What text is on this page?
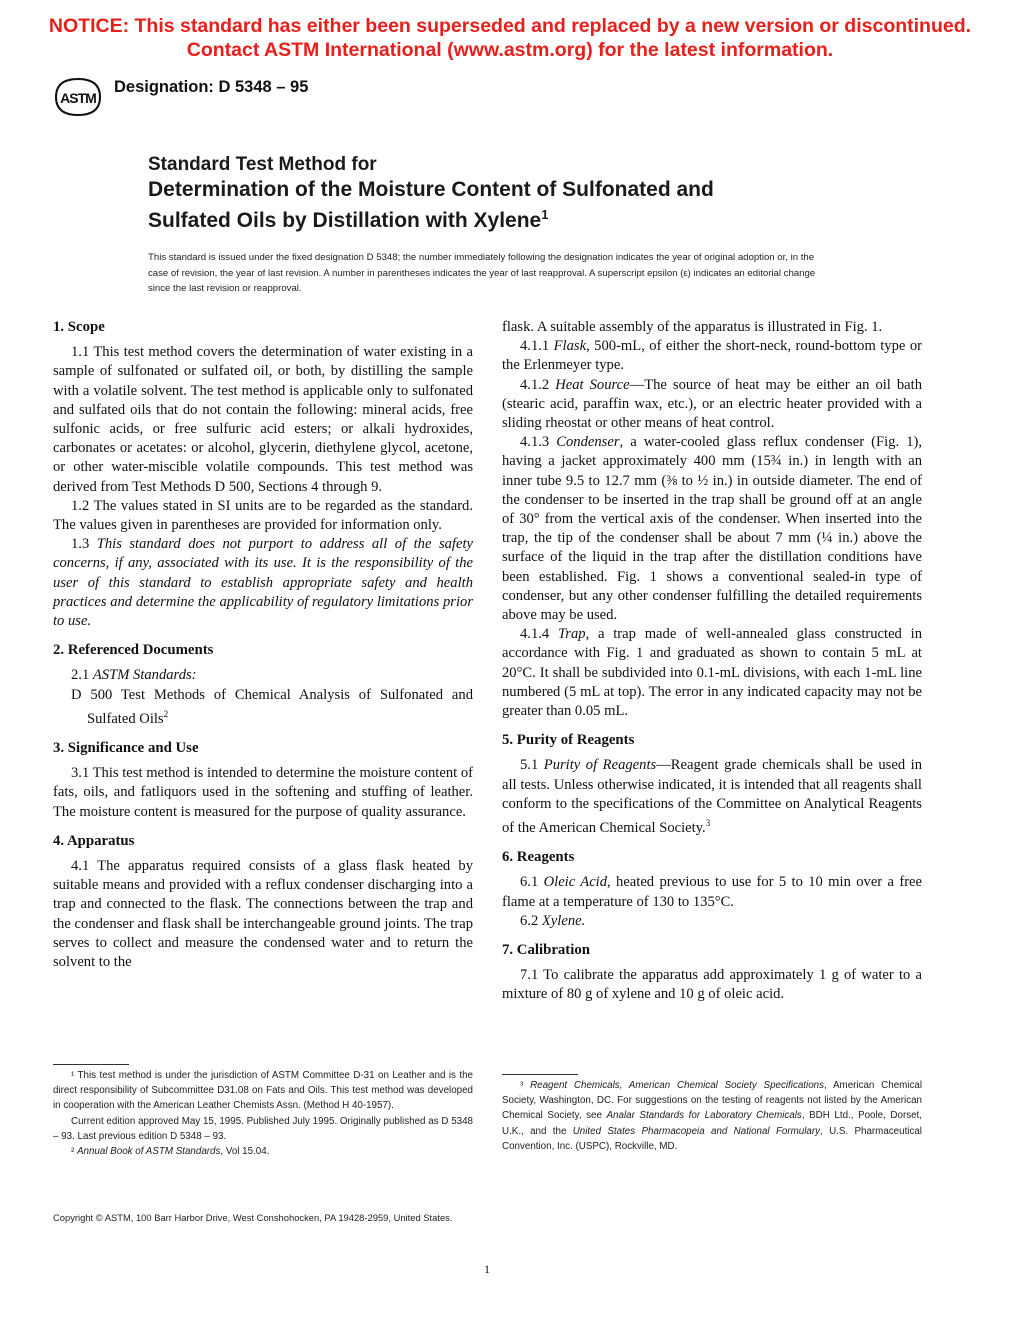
NOTICE: This standard has either been superseded and replaced by a new version or discontinued.
Contact ASTM International (www.astm.org) for the latest information.
ASTM
Designation: D 5348 – 95
Standard Test Method for
Determination of the Moisture Content of Sulfonated and
Sulfated Oils by Distillation with Xylene$^1$
This standard is issued under the fixed designation D 5348; the number immediately following the designation indicates the year of original adoption or, in the case of revision, the year of last revision. A number in parentheses indicates the year of last reapproval. A superscript epsilon (ε) indicates an editorial change since the last revision or reapproval.
1. Scope

1.1 This test method covers the determination of water existing in a sample of sulfonated or sulfated oil, or both, by distilling the sample with a volatile solvent. The test method is applicable only to sulfonated and sulfated oils that do not contain the following: mineral acids, free sulfonic acids, or free sulfuric acid esters; or alkali hydroxides, carbonates or acetates: or alcohol, glycerin, diethylene glycol, acetone, or other water-miscible volatile compounds. This test method was derived from Test Methods D 500, Sections 4 through 9.

1.2 The values stated in SI units are to be regarded as the standard. The values given in parentheses are provided for information only.

1.3 This standard does not purport to address all of the safety concerns, if any, associated with its use. It is the responsibility of the user of this standard to establish appropriate safety and health practices and determine the applicability of regulatory limitations prior to use.

2. Referenced Documents

2.1 ASTM Standards:

D 500 Test Methods of Chemical Analysis of Sulfonated and Sulfated Oils$^2$

3. Significance and Use

3.1 This test method is intended to determine the moisture content of fats, oils, and fatliquors used in the softening and stuffing of leather. The moisture content is measured for the purpose of quality assurance.

4. Apparatus

4.1 The apparatus required consists of a glass flask heated by suitable means and provided with a reflux condenser discharging into a trap and connected to the flask. The connections between the trap and the condenser and flask shall be interchangeable ground joints. The trap serves to collect and measure the condensed water and to return the solvent to the

flask. A suitable assembly of the apparatus is illustrated in Fig. 1.

4.1.1 Flask, 500-mL, of either the short-neck, round-bottom type or the Erlenmeyer type.

4.1.2 Heat Source—The source of heat may be either an oil bath (stearic acid, paraffin wax, etc.), or an electric heater provided with a sliding rheostat or other means of heat control.

4.1.3 Condenser, a water-cooled glass reflux condenser (Fig. 1), having a jacket approximately 400 mm (15¾ in.) in length with an inner tube 9.5 to 12.7 mm (⅜ to ½ in.) in outside diameter. The end of the condenser to be inserted in the trap shall be ground off at an angle of 30° from the vertical axis of the condenser. When inserted into the trap, the tip of the condenser shall be about 7 mm (¼ in.) above the surface of the liquid in the trap after the distillation conditions have been established. Fig. 1 shows a conventional sealed-in type of condenser, but any other condenser fulfilling the detailed requirements above may be used.

4.1.4 Trap, a trap made of well-annealed glass constructed in accordance with Fig. 1 and graduated as shown to contain 5 mL at 20°C. It shall be subdivided into 0.1-mL divisions, with each 1-mL line numbered (5 mL at top). The error in any indicated capacity may not be greater than 0.05 mL.

5. Purity of Reagents

5.1 Purity of Reagents—Reagent grade chemicals shall be used in all tests. Unless otherwise indicated, it is intended that all reagents shall conform to the specifications of the Committee on Analytical Reagents of the American Chemical Society.$^3$

6. Reagents

6.1 Oleic Acid, heated previous to use for 5 to 10 min over a free flame at a temperature of 130 to 135°C.

6.2 Xylene.

7. Calibration

7.1 To calibrate the apparatus add approximately 1 g of water to a mixture of 80 g of xylene and 10 g of oleic acid.

¹ This test method is under the jurisdiction of ASTM Committee D-31 on Leather and is the direct responsibility of Subcommittee D31.08 on Fats and Oils. This test method was developed in cooperation with the American Leather Chemists Assn. (Method H 40-1957).

Current edition approved May 15, 1995. Published July 1995. Originally published as D 5348 – 93. Last previous edition D 5348 – 93.

² Annual Book of ASTM Standards, Vol 15.04.

³ Reagent Chemicals, American Chemical Society Specifications, American Chemical Society, Washington, DC. For suggestions on the testing of reagents not listed by the American Chemical Society, see Analar Standards for Laboratory Chemicals, BDH Ltd., Poole, Dorset, U.K., and the United States Pharmacopeia and National Formulary, U.S. Pharmaceutical Convention, Inc. (USPC), Rockville, MD.

Copyright © ASTM, 100 Barr Harbor Drive, West Conshohocken, PA 19428-2959, United States.
1
